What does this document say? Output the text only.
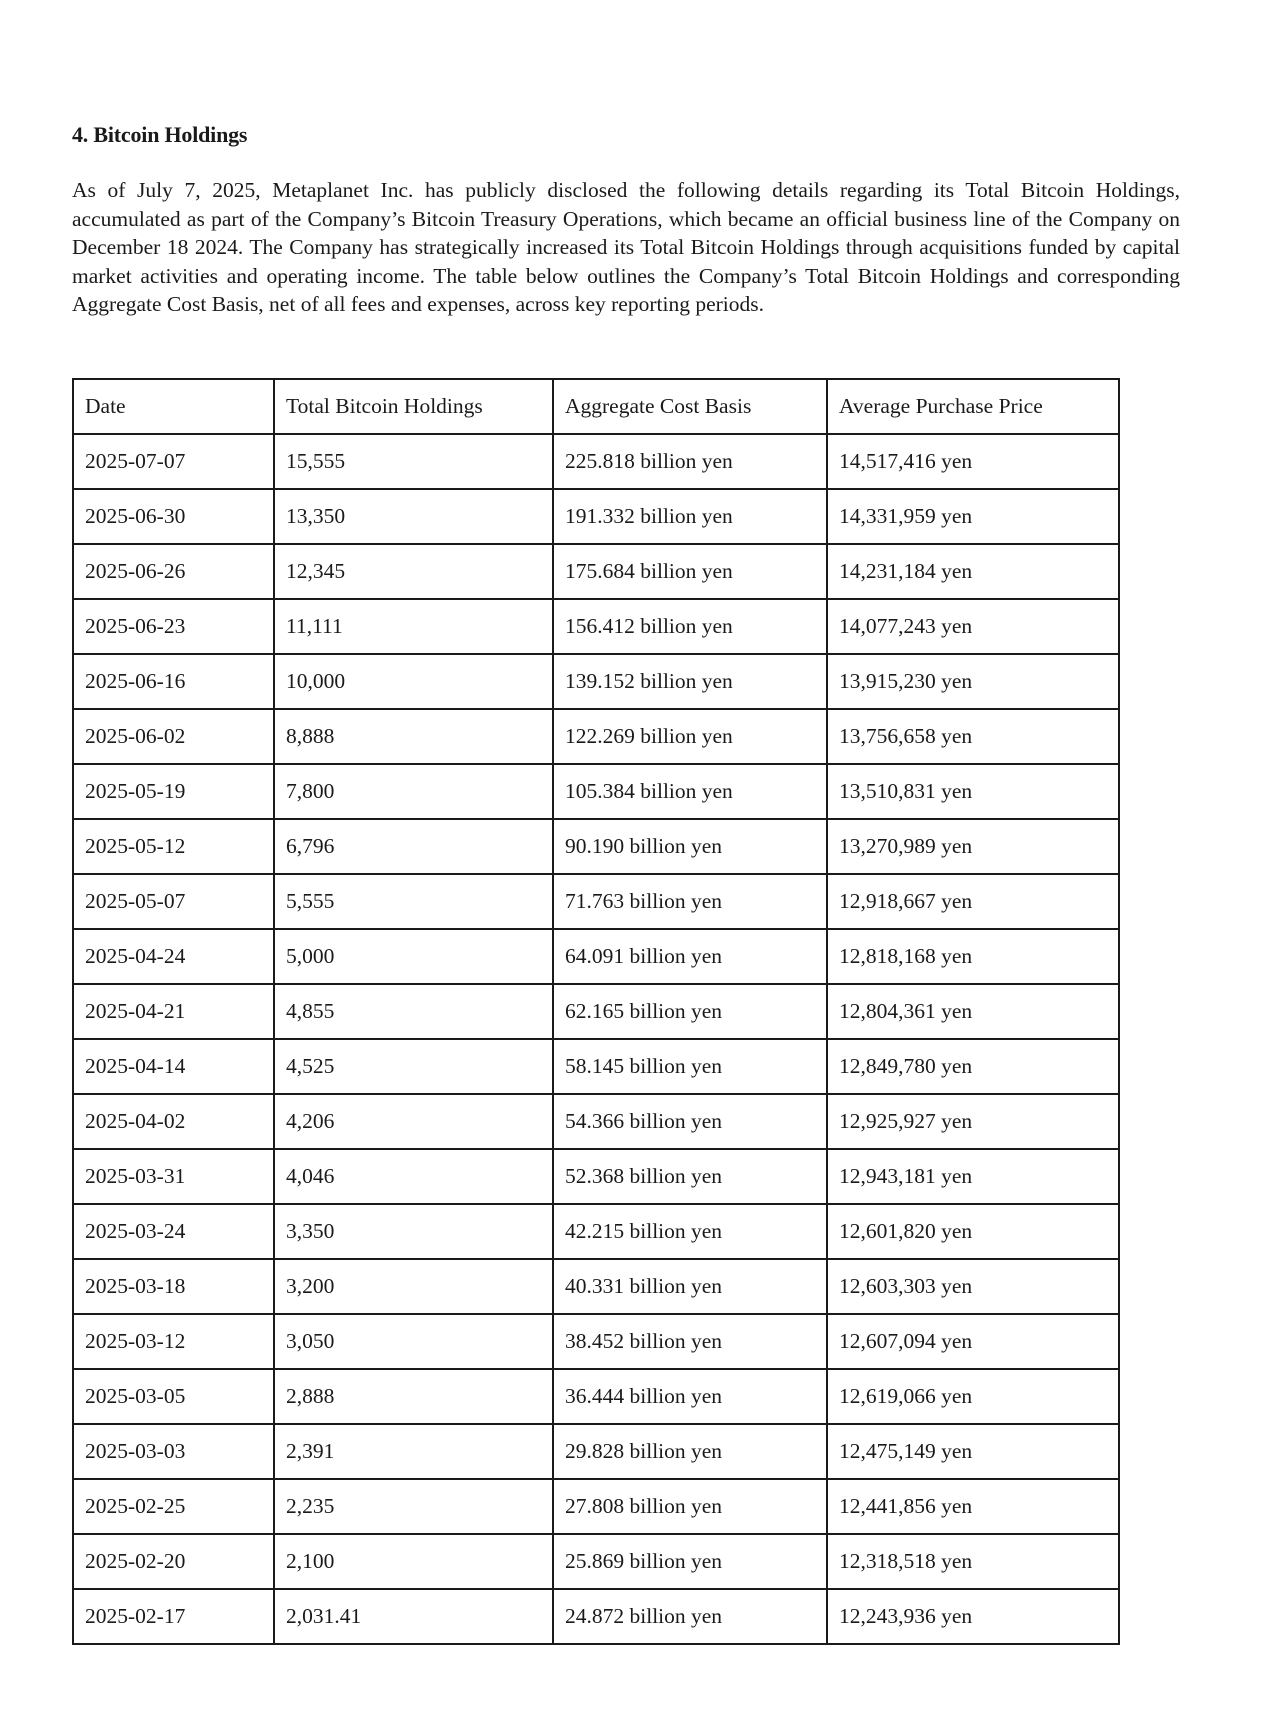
4. Bitcoin Holdings

As of July 7, 2025, Metaplanet Inc. has publicly disclosed the following details regarding its Total Bitcoin Holdings, accumulated as part of the Company’s Bitcoin Treasury Operations, which became an official business line of the Company on December 18 2024. The Company has strategically increased its Total Bitcoin Holdings through acquisitions funded by capital market activities and operating income. The table below outlines the Company’s Total Bitcoin Holdings and corresponding Aggregate Cost Basis, net of all fees and expenses, across key reporting periods.

Date	Total Bitcoin Holdings	Aggregate Cost Basis	Average Purchase Price
2025-07-07	15,555	225.818 billion yen	14,517,416 yen
2025-06-30	13,350	191.332 billion yen	14,331,959 yen
2025-06-26	12,345	175.684 billion yen	14,231,184 yen
2025-06-23	11,111	156.412 billion yen	14,077,243 yen
2025-06-16	10,000	139.152 billion yen	13,915,230 yen
2025-06-02	8,888	122.269 billion yen	13,756,658 yen
2025-05-19	7,800	105.384 billion yen	13,510,831 yen
2025-05-12	6,796	90.190 billion yen	13,270,989 yen
2025-05-07	5,555	71.763 billion yen	12,918,667 yen
2025-04-24	5,000	64.091 billion yen	12,818,168 yen
2025-04-21	4,855	62.165 billion yen	12,804,361 yen
2025-04-14	4,525	58.145 billion yen	12,849,780 yen
2025-04-02	4,206	54.366 billion yen	12,925,927 yen
2025-03-31	4,046	52.368 billion yen	12,943,181 yen
2025-03-24	3,350	42.215 billion yen	12,601,820 yen
2025-03-18	3,200	40.331 billion yen	12,603,303 yen
2025-03-12	3,050	38.452 billion yen	12,607,094 yen
2025-03-05	2,888	36.444 billion yen	12,619,066 yen
2025-03-03	2,391	29.828 billion yen	12,475,149 yen
2025-02-25	2,235	27.808 billion yen	12,441,856 yen
2025-02-20	2,100	25.869 billion yen	12,318,518 yen
2025-02-17	2,031.41	24.872 billion yen	12,243,936 yen
